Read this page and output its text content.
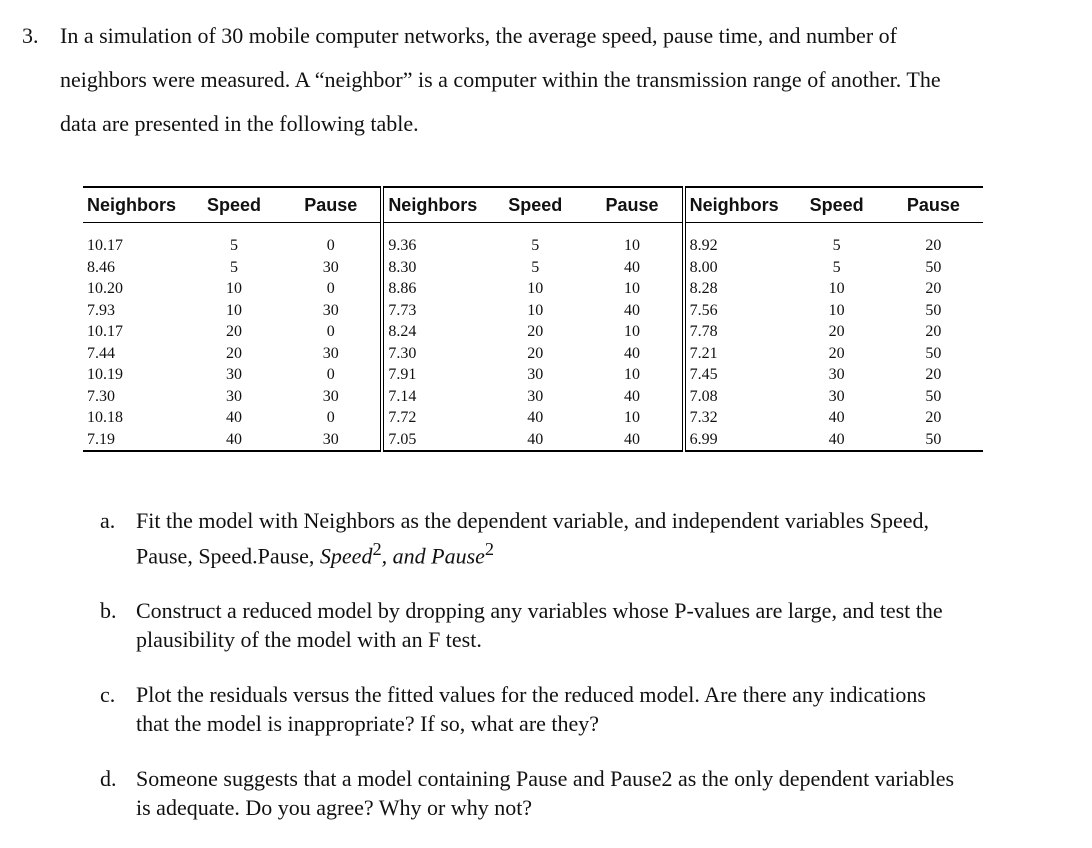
3. In a simulation of 30 mobile computer networks, the average speed, pause time, and number of
neighbors were measured. A “neighbor” is a computer within the transmission range of another. The
data are presented in the following table.
Neighbors	Speed	Pause	Neighbors	Speed	Pause	Neighbors	Speed	Pause
10.17	5	0	9.36	5	10	8.92	5	20
8.46	5	30	8.30	5	40	8.00	5	50
10.20	10	0	8.86	10	10	8.28	10	20
7.93	10	30	7.73	10	40	7.56	10	50
10.17	20	0	8.24	20	10	7.78	20	20
7.44	20	30	7.30	20	40	7.21	20	50
10.19	30	0	7.91	30	10	7.45	30	20
7.30	30	30	7.14	30	40	7.08	30	50
10.18	40	0	7.72	40	10	7.32	40	20
7.19	40	30	7.05	40	40	6.99	40	50
a. Fit the model with Neighbors as the dependent variable, and independent variables Speed,
Pause, Speed.Pause, Speed$^2$, and Pause$^2$
b. Construct a reduced model by dropping any variables whose P-values are large, and test the
plausibility of the model with an F test.
c. Plot the residuals versus the fitted values for the reduced model. Are there any indications
that the model is inappropriate? If so, what are they?
d. Someone suggests that a model containing Pause and Pause2 as the only dependent variables
is adequate. Do you agree? Why or why not?
